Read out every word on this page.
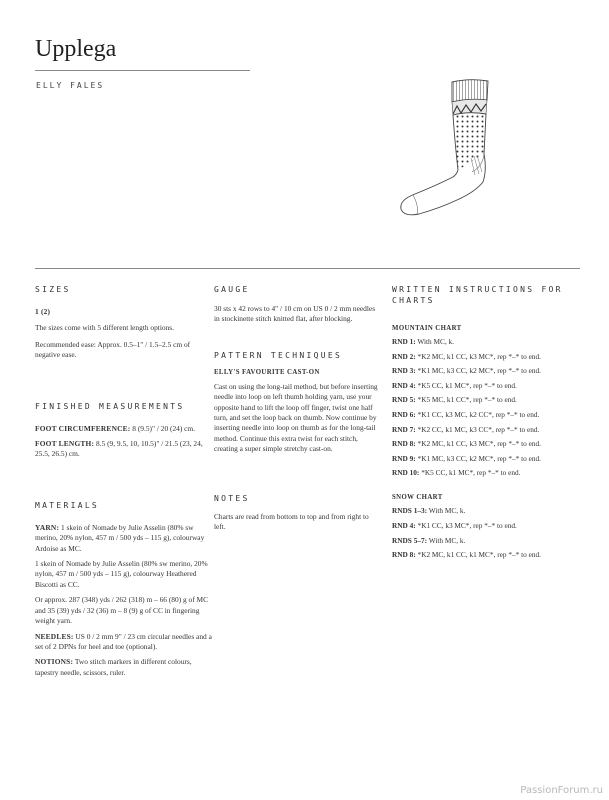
Upplega
ELLY FALES
SIZES
1 (2)

The sizes come with 5 different length options.

Recommended ease: Approx. 0.5–1" / 1.5–2.5 cm of negative ease.

FINISHED MEASUREMENTS

FOOT CIRCUMFERENCE: 8 (9.5)" / 20 (24) cm.

FOOT LENGTH: 8.5 (9, 9.5, 10, 10.5)" / 21.5 (23, 24, 25.5, 26.5) cm.

MATERIALS

YARN: 1 skein of Nomade by Julie Asselin (80% sw merino, 20% nylon, 457 m / 500 yds – 115 g), colourway Ardoise as MC.

1 skein of Nomade by Julie Asselin (80% sw merino, 20% nylon, 457 m / 500 yds – 115 g), colourway Heathered Biscotti as CC.

Or approx. 287 (348) yds / 262 (318) m – 66 (80) g of MC and 35 (39) yds / 32 (36) m – 8 (9) g of CC in fingering weight yarn.

NEEDLES: US 0 / 2 mm 9" / 23 cm circular needles and a set of 2 DPNs for heel and toe (optional).

NOTIONS: Two stitch markers in different colours, tapestry needle, scissors, ruler.

GAUGE

30 sts x 42 rows to 4" / 10 cm on US 0 / 2 mm needles in stockinette stitch knitted flat, after blocking.

PATTERN TECHNIQUES
ELLY'S FAVOURITE CAST-ON

Cast on using the long-tail method, but before inserting needle into loop on left thumb holding yarn, use your opposite hand to lift the loop off finger, twist one half turn, and set the loop back on thumb. Now continue by inserting needle into loop on thumb as for the long-tail method. Continue this extra twist for each stitch, creating a super simple stretchy cast-on.

NOTES

Charts are read from bottom to top and from right to left.

WRITTEN INSTRUCTIONS FOR CHARTS
MOUNTAIN CHART
RND 1: With MC, k.
RND 2: *K2 MC, k1 CC, k3 MC*, rep *–* to end.
RND 3: *K1 MC, k3 CC, k2 MC*, rep *–* to end.
RND 4: *K5 CC, k1 MC*, rep *–* to end.
RND 5: *K5 MC, k1 CC*, rep *–* to end.
RND 6: *K1 CC, k3 MC, k2 CC*, rep *–* to end.
RND 7: *K2 CC, k1 MC, k3 CC*, rep *–* to end.
RND 8: *K2 MC, k1 CC, k3 MC*, rep *–* to end.
RND 9: *K1 MC, k3 CC, k2 MC*, rep *–* to end.
RND 10: *K5 CC, k1 MC*, rep *–* to end.
SNOW CHART
RNDS 1–3: With MC, k.
RND 4: *K1 CC, k3 MC*, rep *–* to end.
RNDS 5–7: With MC, k.
RND 8: *K2 MC, k1 CC, k1 MC*, rep *–* to end.
PassionForum.ru
